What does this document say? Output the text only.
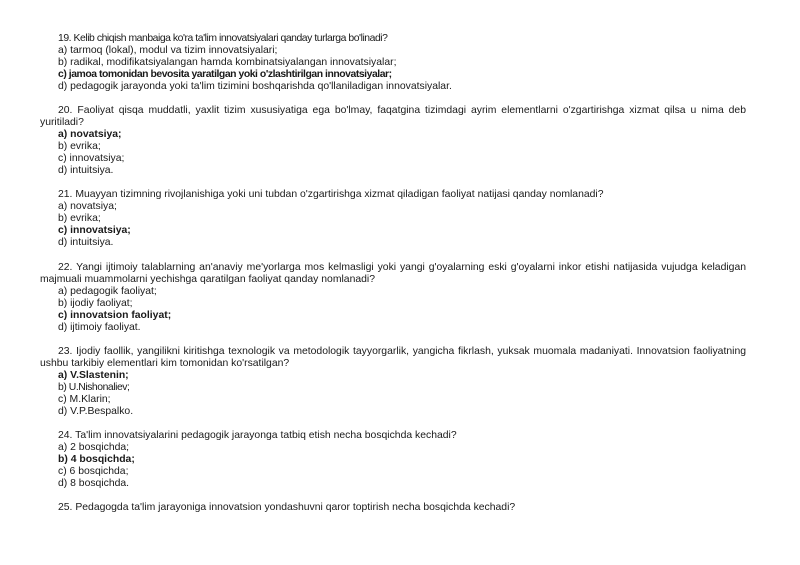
19. Kelib chiqish manbaiga ko'ra ta'lim innovatsiyalari qanday turlarga bo'linadi?
a) tarmoq (lokal), modul va tizim innovatsiyalari;
b) radikal, modifikatsiyalangan hamda kombinatsiyalangan innovatsiyalar;
c) jamoa tomonidan bevosita yaratilgan yoki o'zlashtirilgan innovatsiyalar;
d) pedagogik jarayonda yoki ta'lim tizimini boshqarishda qo'llaniladigan innovatsiyalar.
20. Faoliyat qisqa muddatli, yaxlit tizim xususiyatiga ega bo'lmay, faqatgina tizimdagi ayrim elementlarni o'zgartirishga xizmat qilsa u nima deb yuritiladi?
a) novatsiya;
b) evrika;
c) innovatsiya;
d) intuitsiya.
21. Muayyan tizimning rivojlanishiga yoki uni tubdan o'zgartirishga xizmat qiladigan faoliyat natijasi qanday nomlanadi?
a) novatsiya;
b) evrika;
c) innovatsiya;
d) intuitsiya.
22. Yangi ijtimoiy talablarning an'anaviy me'yorlarga mos kelmasligi yoki yangi g'oyalarning eski g'oyalarni inkor etishi natijasida vujudga keladigan majmuali muammolarni yechishga qaratilgan faoliyat qanday nomlanadi?
a) pedagogik faoliyat;
b) ijodiy faoliyat;
c) innovatsion faoliyat;
d) ijtimoiy faoliyat.
23. Ijodiy faollik, yangilikni kiritishga texnologik va metodologik tayyorgarlik, yangicha fikrlash, yuksak muomala madaniyati. Innovatsion faoliyatning ushbu tarkibiy elementlari kim tomonidan ko'rsatilgan?
a) V.Slastenin;
b) U.Nishonaliev;
c) M.Klarin;
d) V.P.Bespalko.
24. Ta'lim innovatsiyalarini pedagogik jarayonga tatbiq etish necha bosqichda kechadi?
a) 2 bosqichda;
b) 4 bosqichda;
c) 6 bosqichda;
d) 8 bosqichda.
25. Pedagogda ta'lim jarayoniga innovatsion yondashuvni qaror toptirish necha bosqichda kechadi?
